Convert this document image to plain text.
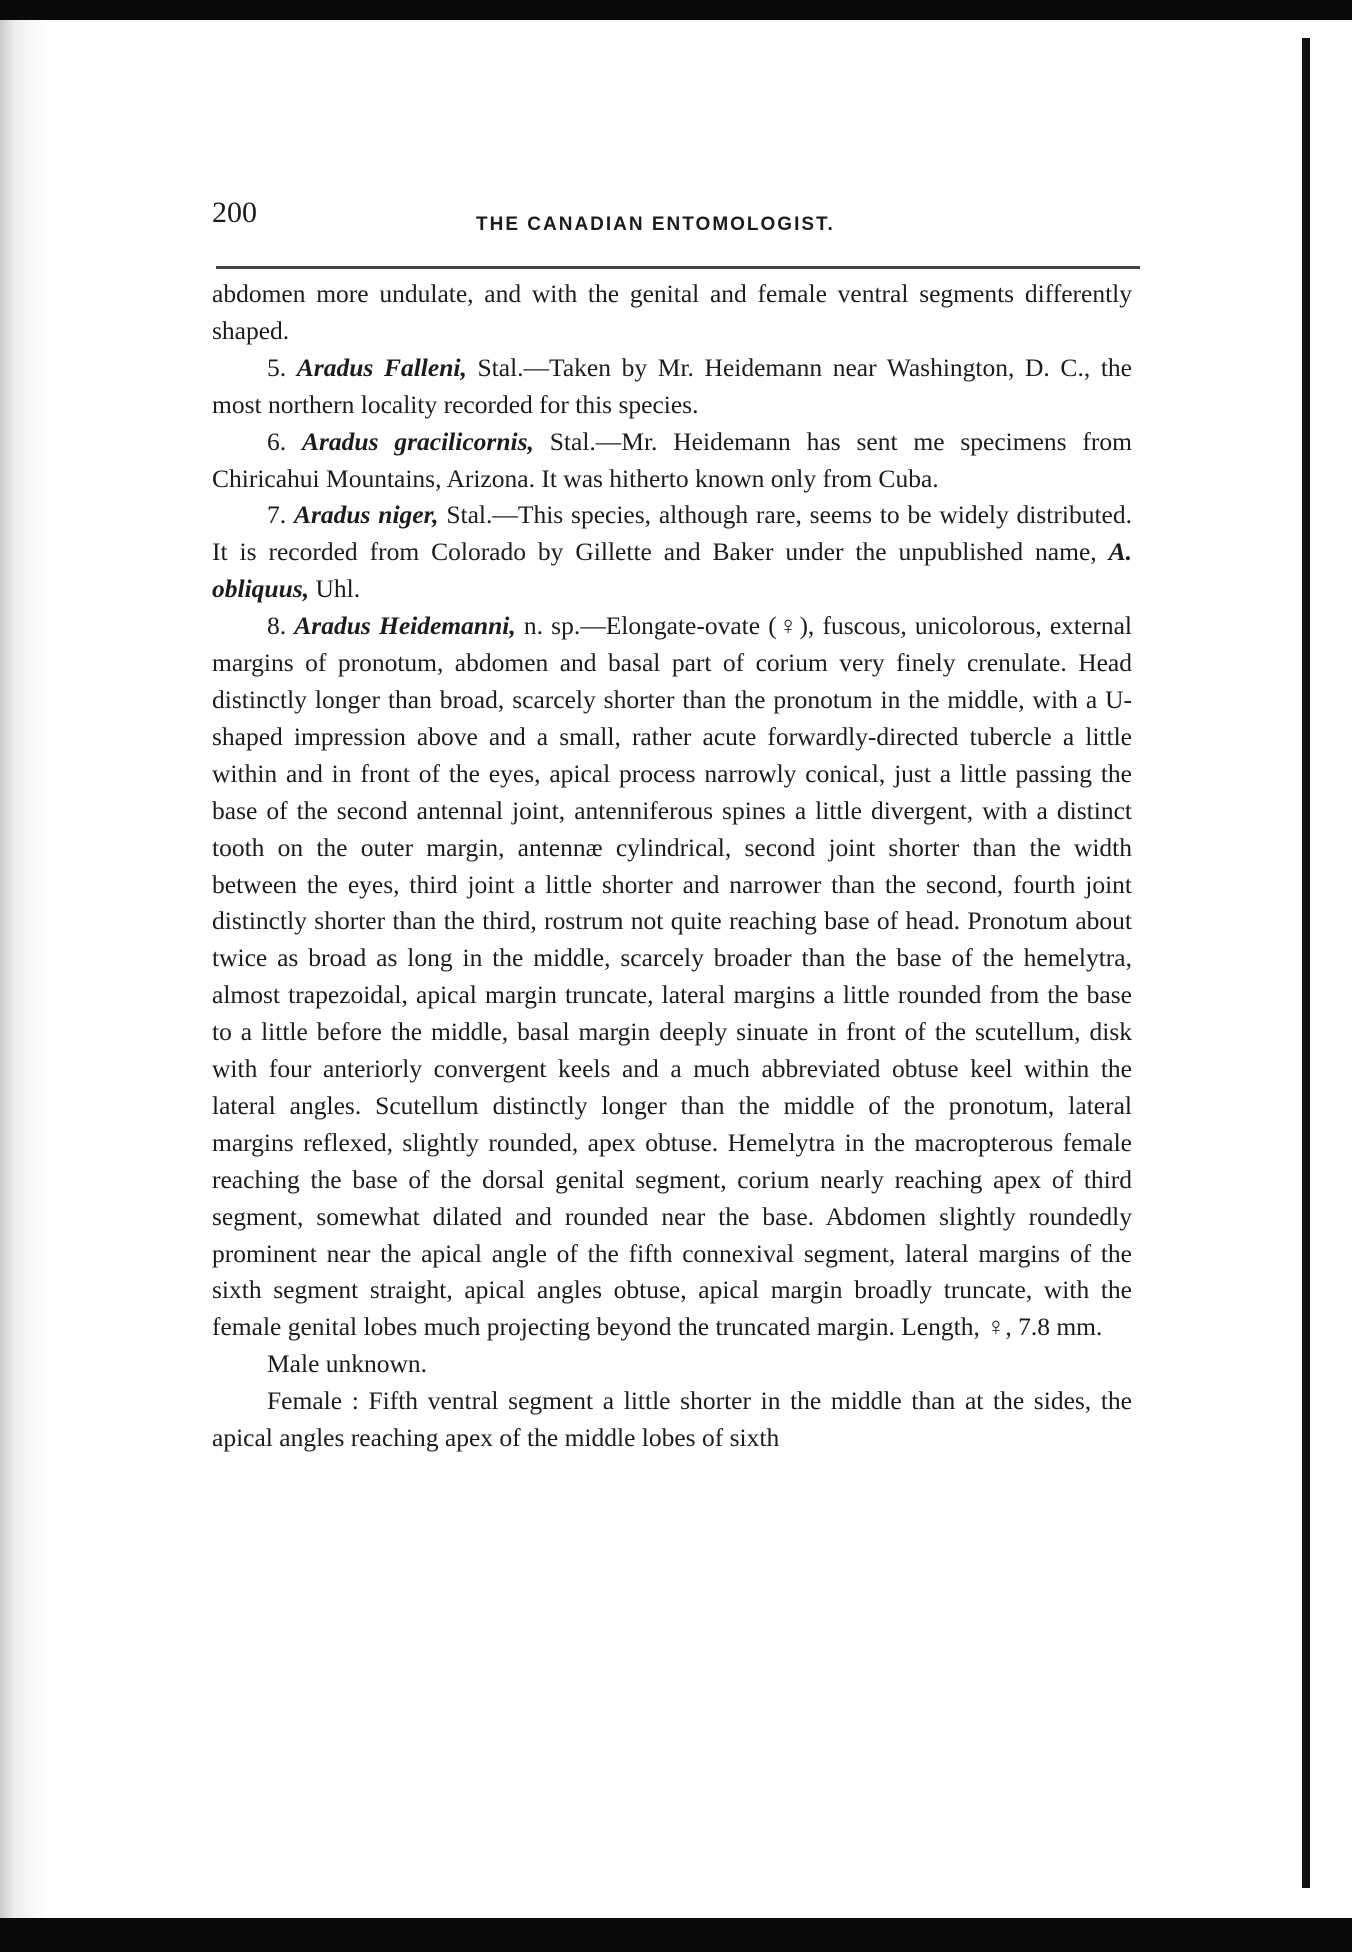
200	THE CANADIAN ENTOMOLOGIST.

abdomen more undulate, and with the genital and female ventral segments differently shaped.

5. Aradus Falleni, Stal.—Taken by Mr. Heidemann near Washington, D. C., the most northern locality recorded for this species.

6. Aradus gracilicornis, Stal.—Mr. Heidemann has sent me specimens from Chiricahui Mountains, Arizona. It was hitherto known only from Cuba.

7. Aradus niger, Stal.—This species, although rare, seems to be widely distributed. It is recorded from Colorado by Gillette and Baker under the unpublished name, A. obliquus, Uhl.

8. Aradus Heidemanni, n. sp.—Elongate-ovate (♀), fuscous, unicolorous, external margins of pronotum, abdomen and basal part of corium very finely crenulate. Head distinctly longer than broad, scarcely shorter than the pronotum in the middle, with a U-shaped impression above and a small, rather acute forwardly-directed tubercle a little within and in front of the eyes, apical process narrowly conical, just a little passing the base of the second antennal joint, antenniferous spines a little divergent, with a distinct tooth on the outer margin, antennæ cylindrical, second joint shorter than the width between the eyes, third joint a little shorter and narrower than the second, fourth joint distinctly shorter than the third, rostrum not quite reaching base of head. Pronotum about twice as broad as long in the middle, scarcely broader than the base of the hemelytra, almost trapezoidal, apical margin truncate, lateral margins a little rounded from the base to a little before the middle, basal margin deeply sinuate in front of the scutellum, disk with four anteriorly convergent keels and a much abbreviated obtuse keel within the lateral angles. Scutellum distinctly longer than the middle of the pronotum, lateral margins reflexed, slightly rounded, apex obtuse. Hemelytra in the macropterous female reaching the base of the dorsal genital segment, corium nearly reaching apex of third segment, somewhat dilated and rounded near the base. Abdomen slightly roundedly prominent near the apical angle of the fifth connexival segment, lateral margins of the sixth segment straight, apical angles obtuse, apical margin broadly truncate, with the female genital lobes much projecting beyond the truncated margin. Length, ♀, 7.8 mm.

Male unknown.

Female : Fifth ventral segment a little shorter in the middle than at the sides, the apical angles reaching apex of the middle lobes of sixth
